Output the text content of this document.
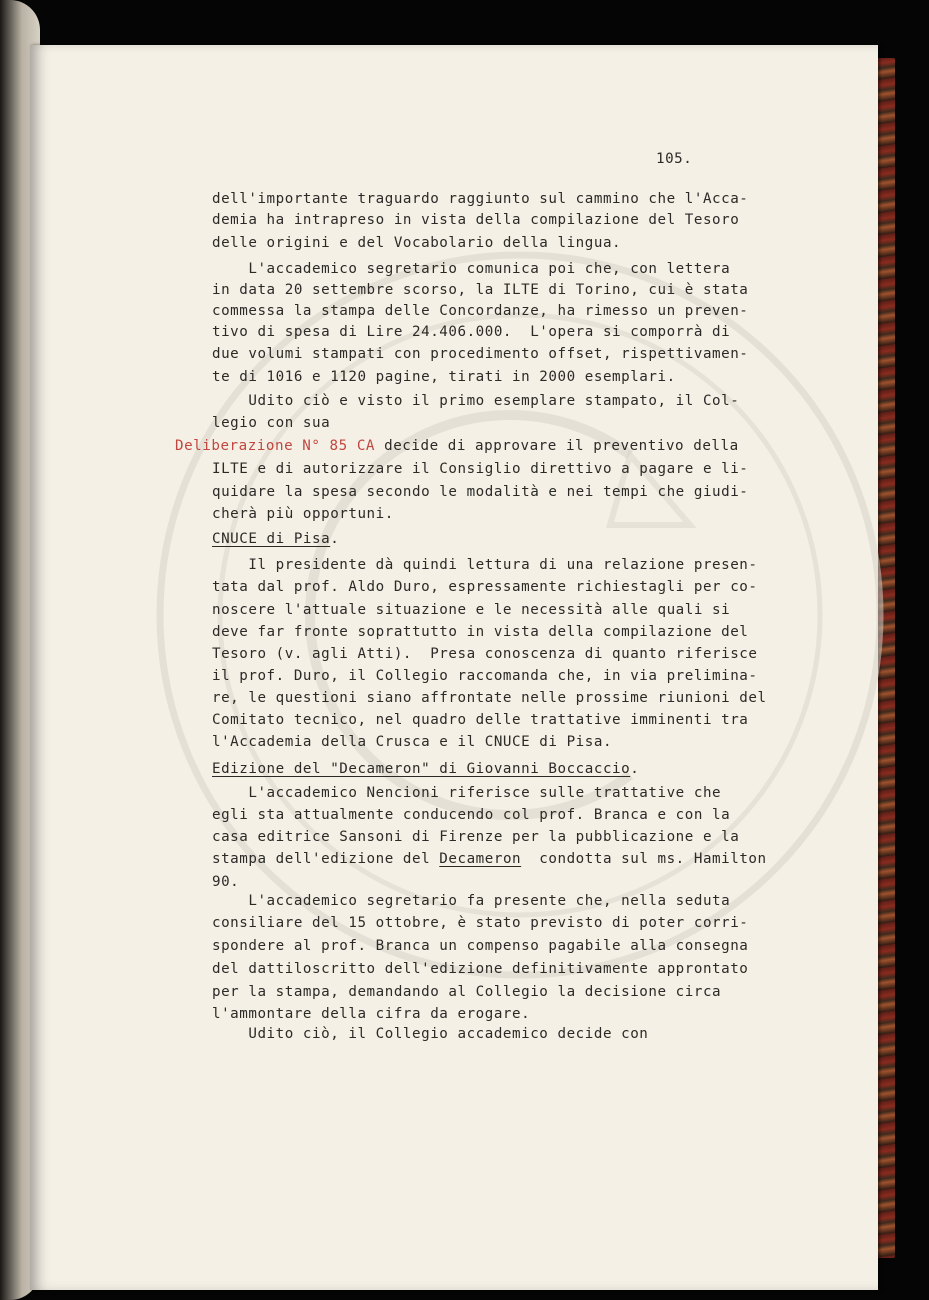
105.
dell'importante traguardo raggiunto sul cammino che l'Acca-
demia ha intrapreso in vista della compilazione del Tesoro
delle origini e del Vocabolario della lingua.
L'accademico segretario comunica poi che, con lettera
in data 20 settembre scorso, la ILTE di Torino, cui è stata
commessa la stampa delle Concordanze, ha rimesso un preven-
tivo di spesa di Lire 24.406.000.  L'opera si comporrà di
due volumi stampati con procedimento offset, rispettivamen-
te di 1016 e 1120 pagine, tirati in 2000 esemplari.
Udito ciò e visto il primo esemplare stampato, il Col-
legio con sua
Deliberazione N° 85 CA decide di approvare il preventivo della
ILTE e di autorizzare il Consiglio direttivo a pagare e li-
quidare la spesa secondo le modalità e nei tempi che giudi-
cherà più opportuni.
CNUCE di Pisa.
Il presidente dà quindi lettura di una relazione presen-
tata dal prof. Aldo Duro, espressamente richiestagli per co-
noscere l'attuale situazione e le necessità alle quali si
deve far fronte soprattutto in vista della compilazione del
Tesoro (v. agli Atti).  Presa conoscenza di quanto riferisce
il prof. Duro, il Collegio raccomanda che, in via prelimina-
re, le questioni siano affrontate nelle prossime riunioni del
Comitato tecnico, nel quadro delle trattative imminenti tra
l'Accademia della Crusca e il CNUCE di Pisa.
Edizione del "Decameron" di Giovanni Boccaccio.
L'accademico Nencioni riferisce sulle trattative che
egli sta attualmente conducendo col prof. Branca e con la
casa editrice Sansoni di Firenze per la pubblicazione e la
stampa dell'edizione del Decameron  condotta sul ms. Hamilton
90.
L'accademico segretario fa presente che, nella seduta
consiliare del 15 ottobre, è stato previsto di poter corri-
spondere al prof. Branca un compenso pagabile alla consegna
del dattiloscritto dell'edizione definitivamente approntato
per la stampa, demandando al Collegio la decisione circa
l'ammontare della cifra da erogare.
Udito ciò, il Collegio accademico decide con
